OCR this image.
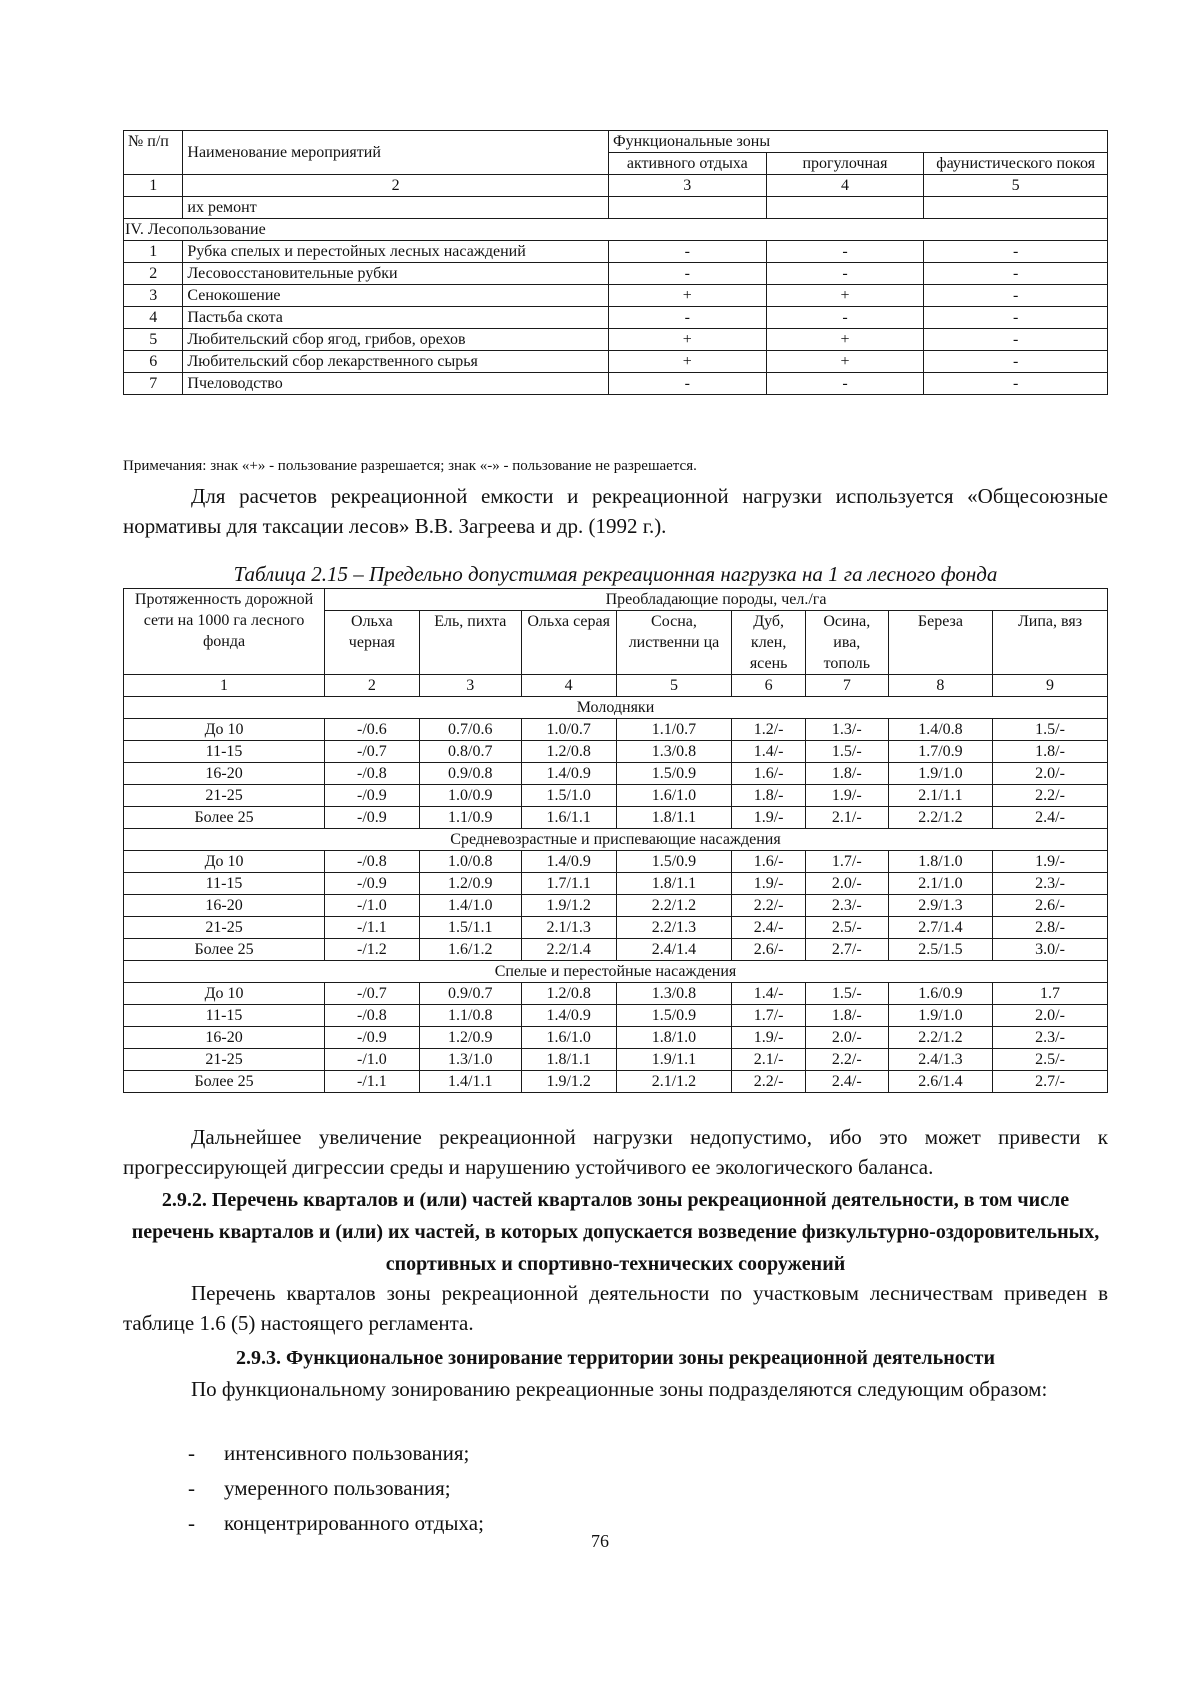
№ п/п	Наименование мероприятий	Функциональные зоны		
		активного отдыха	прогулочная	фаунистического покоя
1	2	3	4	5
	их ремонт			
IV. Лесопользование				
1	Рубка спелых и перестойных лесных насаждений	-	-	-
2	Лесовосстановительные рубки	-	-	-
3	Сенокошение	+	+	-
4	Пастьба скота	-	-	-
5	Любительский сбор ягод, грибов, орехов	+	+	-
6	Любительский сбор лекарственного сырья	+	+	-
7	Пчеловодство	-	-	-
Примечания: знак «+» - пользование разрешается; знак «-» - пользование не разрешается.
Для расчетов рекреационной емкости и рекреационной нагрузки используется «Общесоюзные нормативы для таксации лесов» В.В. Загреева и др. (1992 г.).
Таблица 2.15 – Предельно допустимая рекреационная нагрузка на 1 га лесного фонда
Протяженность дорожной сети на 1000 га лесного фонда	Преобладающие породы, чел./га							
	Ольха черная	Ель, пихта	Ольха серая	Сосна, лиственни ца	Дуб, клен, ясень	Осина, ива, тополь	Береза	Липа, вяз
1	2	3	4	5	6	7	8	9
Молодняки								
До 10	-/0.6	0.7/0.6	1.0/0.7	1.1/0.7	1.2/-	1.3/-	1.4/0.8	1.5/-
11-15	-/0.7	0.8/0.7	1.2/0.8	1.3/0.8	1.4/-	1.5/-	1.7/0.9	1.8/-
16-20	-/0.8	0.9/0.8	1.4/0.9	1.5/0.9	1.6/-	1.8/-	1.9/1.0	2.0/-
21-25	-/0.9	1.0/0.9	1.5/1.0	1.6/1.0	1.8/-	1.9/-	2.1/1.1	2.2/-
Более 25	-/0.9	1.1/0.9	1.6/1.1	1.8/1.1	1.9/-	2.1/-	2.2/1.2	2.4/-
Средневозрастные и приспевающие насаждения								
До 10	-/0.8	1.0/0.8	1.4/0.9	1.5/0.9	1.6/-	1.7/-	1.8/1.0	1.9/-
11-15	-/0.9	1.2/0.9	1.7/1.1	1.8/1.1	1.9/-	2.0/-	2.1/1.0	2.3/-
16-20	-/1.0	1.4/1.0	1.9/1.2	2.2/1.2	2.2/-	2.3/-	2.9/1.3	2.6/-
21-25	-/1.1	1.5/1.1	2.1/1.3	2.2/1.3	2.4/-	2.5/-	2.7/1.4	2.8/-
Более 25	-/1.2	1.6/1.2	2.2/1.4	2.4/1.4	2.6/-	2.7/-	2.5/1.5	3.0/-
Спелые и перестойные насаждения								
До 10	-/0.7	0.9/0.7	1.2/0.8	1.3/0.8	1.4/-	1.5/-	1.6/0.9	1.7
11-15	-/0.8	1.1/0.8	1.4/0.9	1.5/0.9	1.7/-	1.8/-	1.9/1.0	2.0/-
16-20	-/0.9	1.2/0.9	1.6/1.0	1.8/1.0	1.9/-	2.0/-	2.2/1.2	2.3/-
21-25	-/1.0	1.3/1.0	1.8/1.1	1.9/1.1	2.1/-	2.2/-	2.4/1.3	2.5/-
Более 25	-/1.1	1.4/1.1	1.9/1.2	2.1/1.2	2.2/-	2.4/-	2.6/1.4	2.7/-
Дальнейшее увеличение рекреационной нагрузки недопустимо, ибо это может привести к прогрессирующей дигрессии среды и нарушению устойчивого ее экологического баланса.
2.9.2. Перечень кварталов и (или) частей кварталов зоны рекреационной деятельности, в том числе перечень кварталов и (или) их частей, в которых допускается возведение физкультурно-оздоровительных, спортивных и спортивно-технических сооружений
Перечень кварталов зоны рекреационной деятельности по участковым лесничествам приведен в таблице 1.6 (5) настоящего регламента.
2.9.3. Функциональное зонирование территории зоны рекреационной деятельности
По функциональному зонированию рекреационные зоны подразделяются следующим образом:
- интенсивного пользования;
- умеренного пользования;
- концентрированного отдыха;
76
